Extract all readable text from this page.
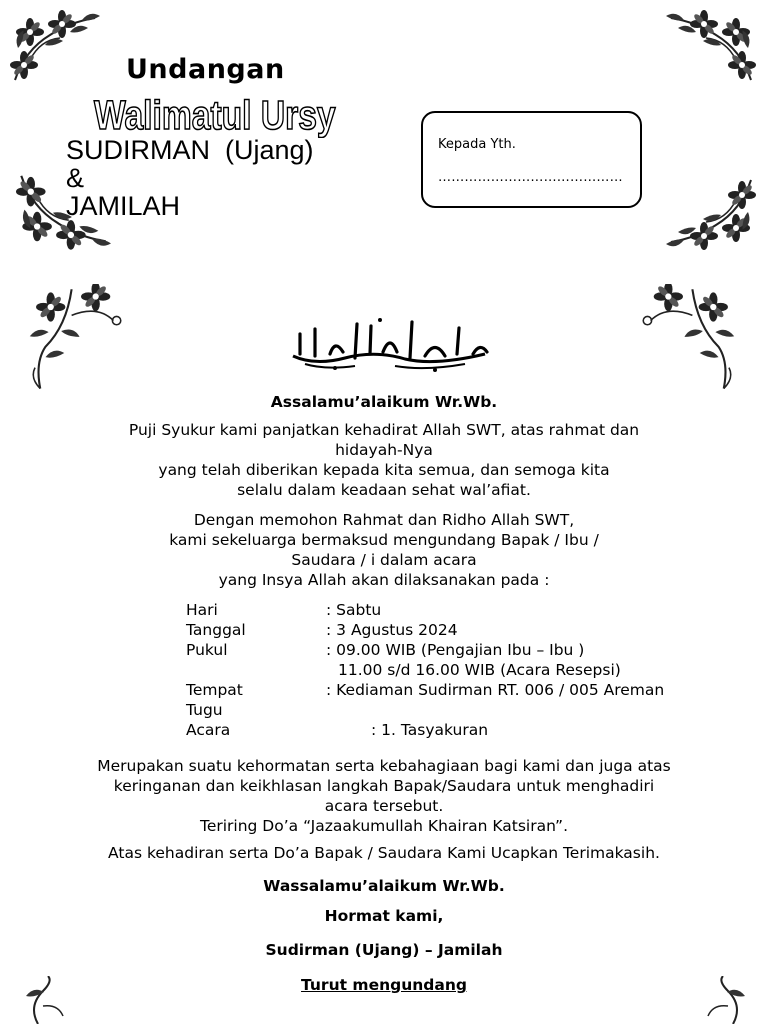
Undangan
Walimatul Ursy
SUDIRMAN  (Ujang)
&
JAMILAH
Kepada Yth.
……………………………………
Assalamu’alaikum Wr.Wb.
Puji Syukur kami panjatkan kehadirat Allah SWT, atas rahmat dan
hidayah-Nya
yang telah diberikan kepada kita semua, dan semoga kita
selalu dalam keadaan sehat wal’afiat.
Dengan memohon Rahmat dan Ridho Allah SWT,
kami sekeluarga bermaksud mengundang Bapak / Ibu /
Saudara / i dalam acara
yang Insya Allah akan dilaksanakan pada :
Hari	: Sabtu
Tanggal	: 3 Agustus 2024
Pukul	: 09.00 WIB (Pengajian Ibu – Ibu )
11.00 s/d 16.00 WIB (Acara Resepsi)
Tempat	: Kediaman Sudirman RT. 006 / 005 Areman
Tugu
Acara	: 1. Tasyakuran
Merupakan suatu kehormatan serta kebahagiaan bagi kami dan juga atas
keringanan dan keikhlasan langkah Bapak/Saudara untuk menghadiri
acara tersebut.
Teriring Do’a “Jazaakumullah Khairan Katsiran”.
Atas kehadiran serta Do’a Bapak / Saudara Kami Ucapkan Terimakasih.
Wassalamu’alaikum Wr.Wb.
Hormat kami,
Sudirman (Ujang) – Jamilah
Turut mengundang
